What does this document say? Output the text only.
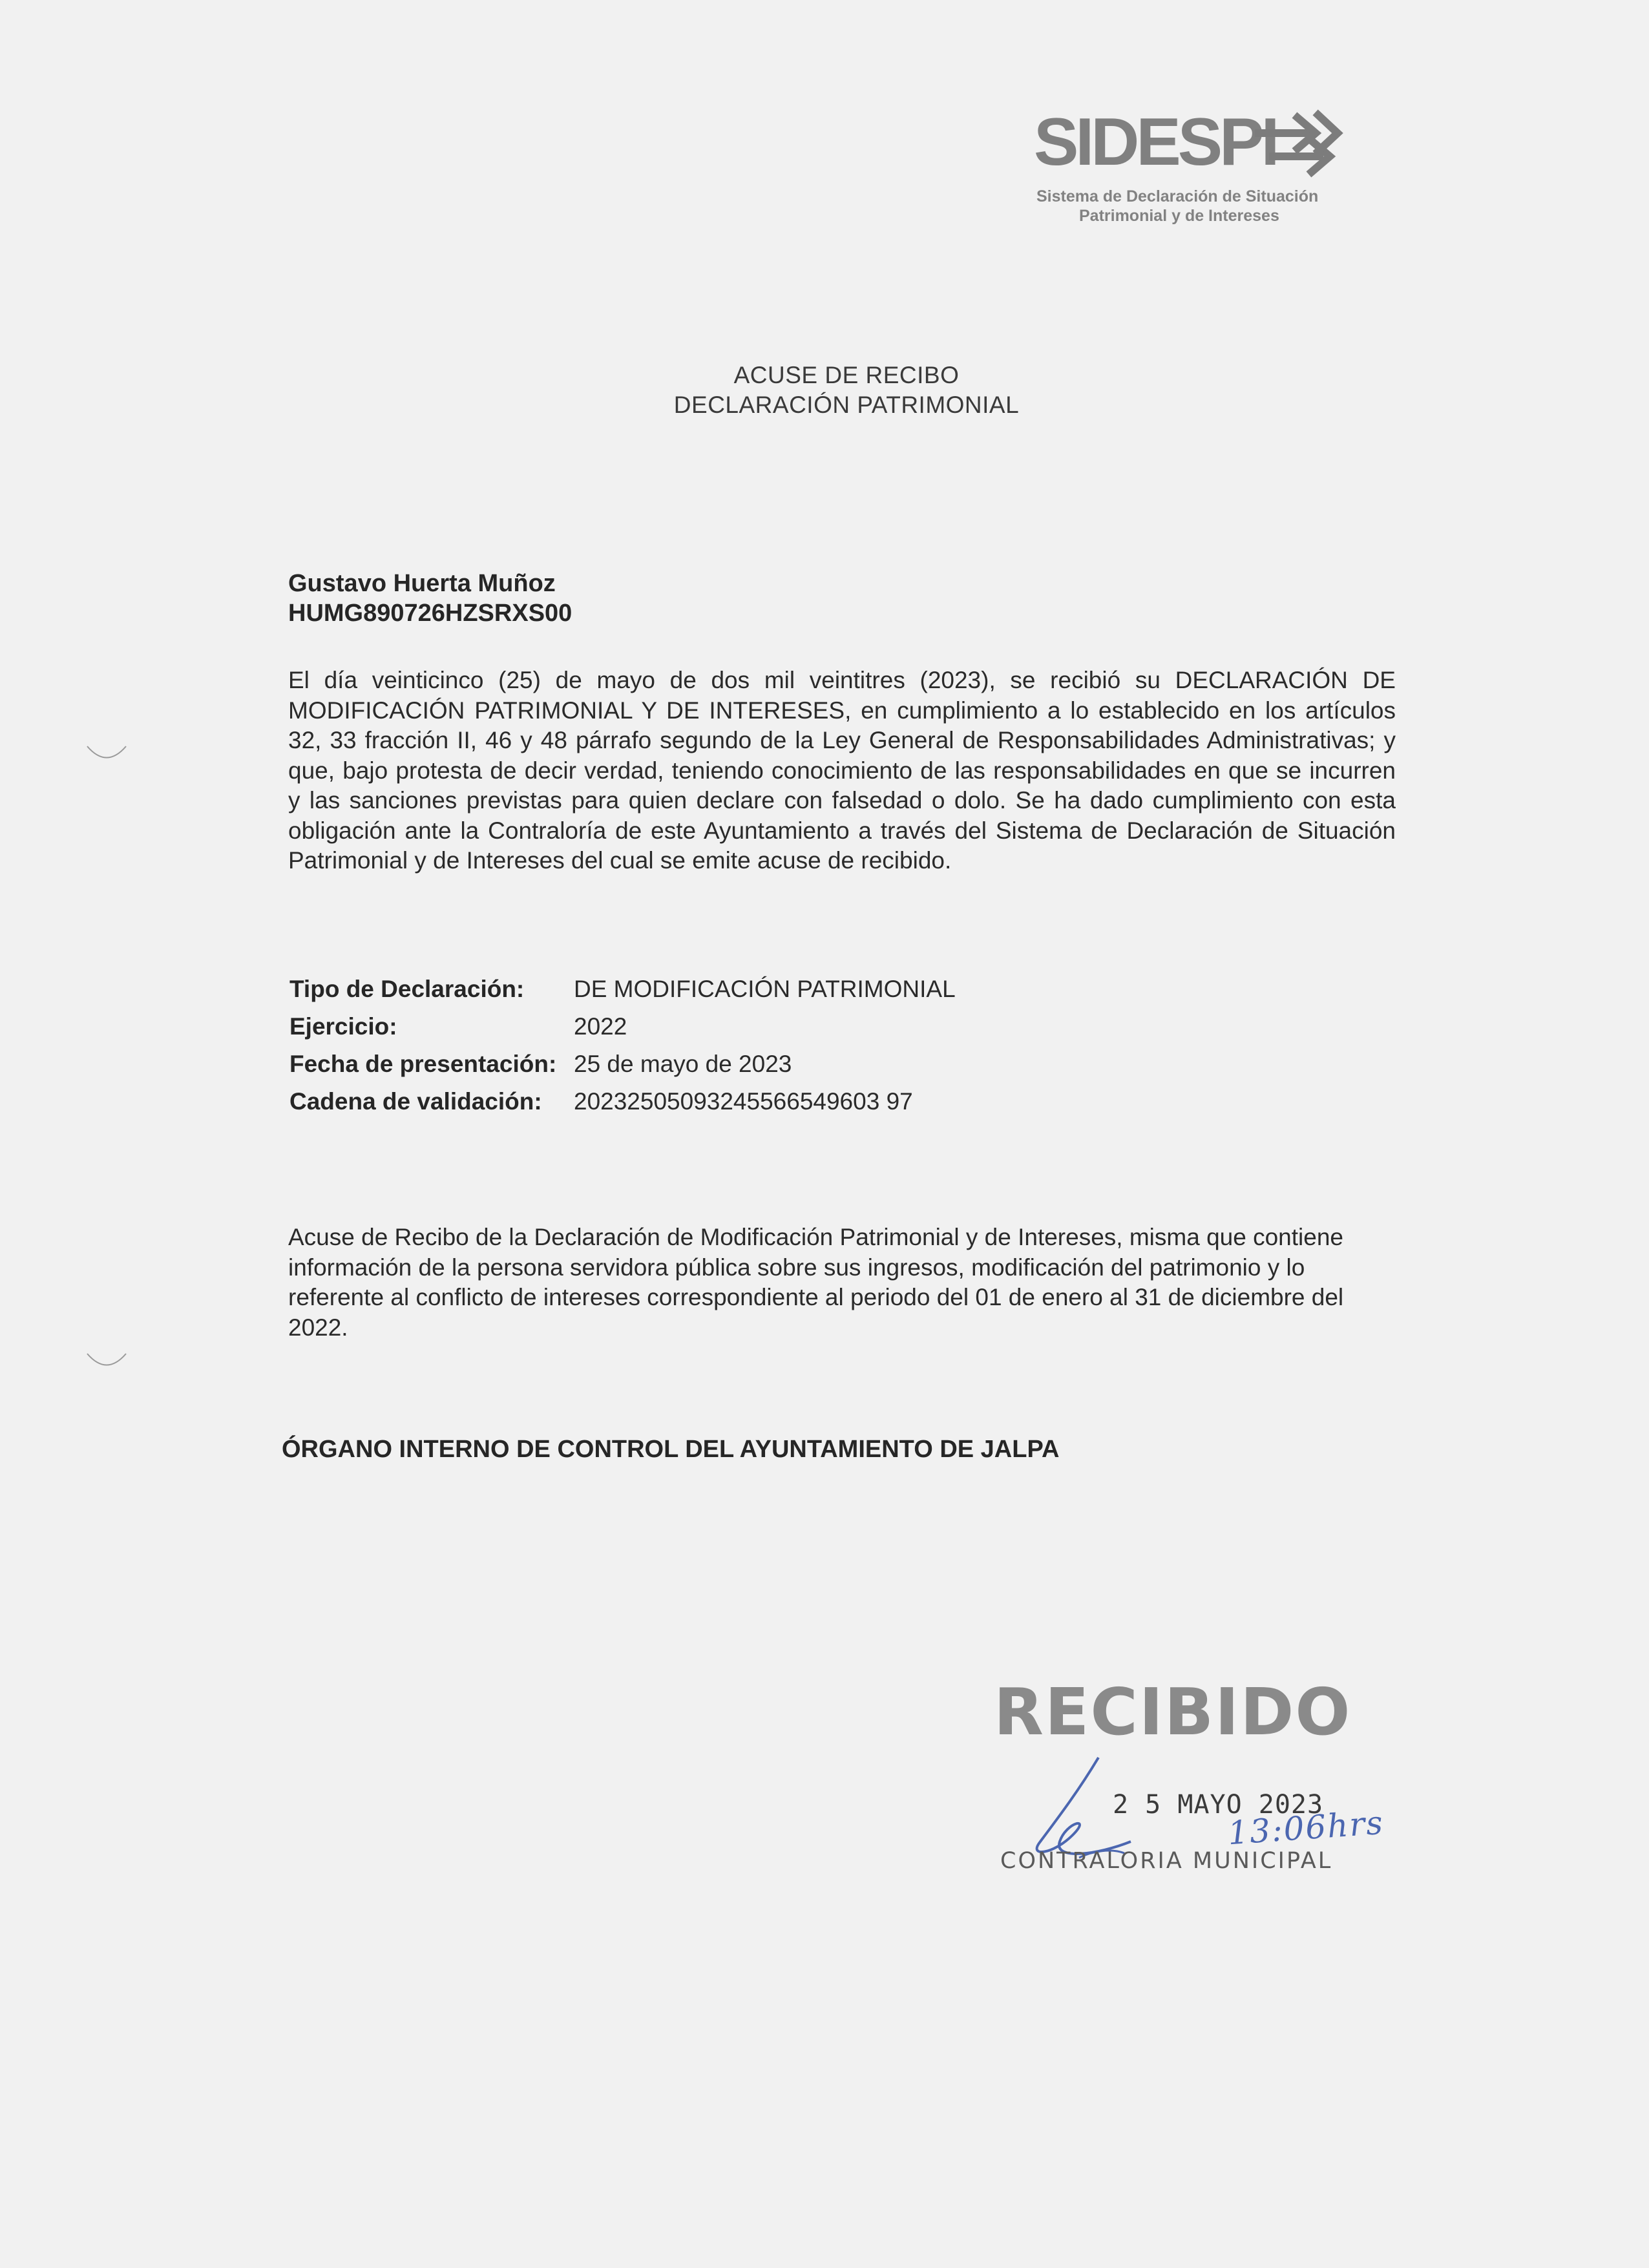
SIDESPI
Sistema de Declaración de Situación
Patrimonial y de Intereses
ACUSE DE RECIBO
DECLARACIÓN PATRIMONIAL
Gustavo Huerta Muñoz
HUMG890726HZSRXS00
El día veinticinco (25) de mayo de dos mil veintitres (2023), se recibió su DECLARACIÓN DE MODIFICACIÓN PATRIMONIAL Y DE INTERESES, en cumplimiento a lo establecido en los artículos 32, 33 fracción II, 46 y 48 párrafo segundo de la Ley General de Responsabilidades Administrativas; y que, bajo protesta de decir verdad, teniendo conocimiento de las responsabilidades en que se incurren y las sanciones previstas para quien declare con falsedad o dolo. Se ha dado cumplimiento con esta obligación ante la Contraloría de este Ayuntamiento a través del Sistema de Declaración de Situación Patrimonial y de Intereses del cual se emite acuse de recibido.
Tipo de Declaración: DE MODIFICACIÓN PATRIMONIAL
Ejercicio:	2022
Fecha de presentación: 25 de mayo de 2023
Cadena de validación: 20232505093245566549603 97
Acuse de Recibo de la Declaración de Modificación Patrimonial y de Intereses, misma que contiene información de la persona servidora pública sobre sus ingresos, modificación del patrimonio y lo referente al conflicto de intereses correspondiente al periodo del 01 de enero al 31 de diciembre del 2022.
ÓRGANO INTERNO DE CONTROL DEL AYUNTAMIENTO DE JALPA
RECIBIDO
2 5 MAYO 2023
13:06hrs
CONTRALORIA MUNICIPAL
